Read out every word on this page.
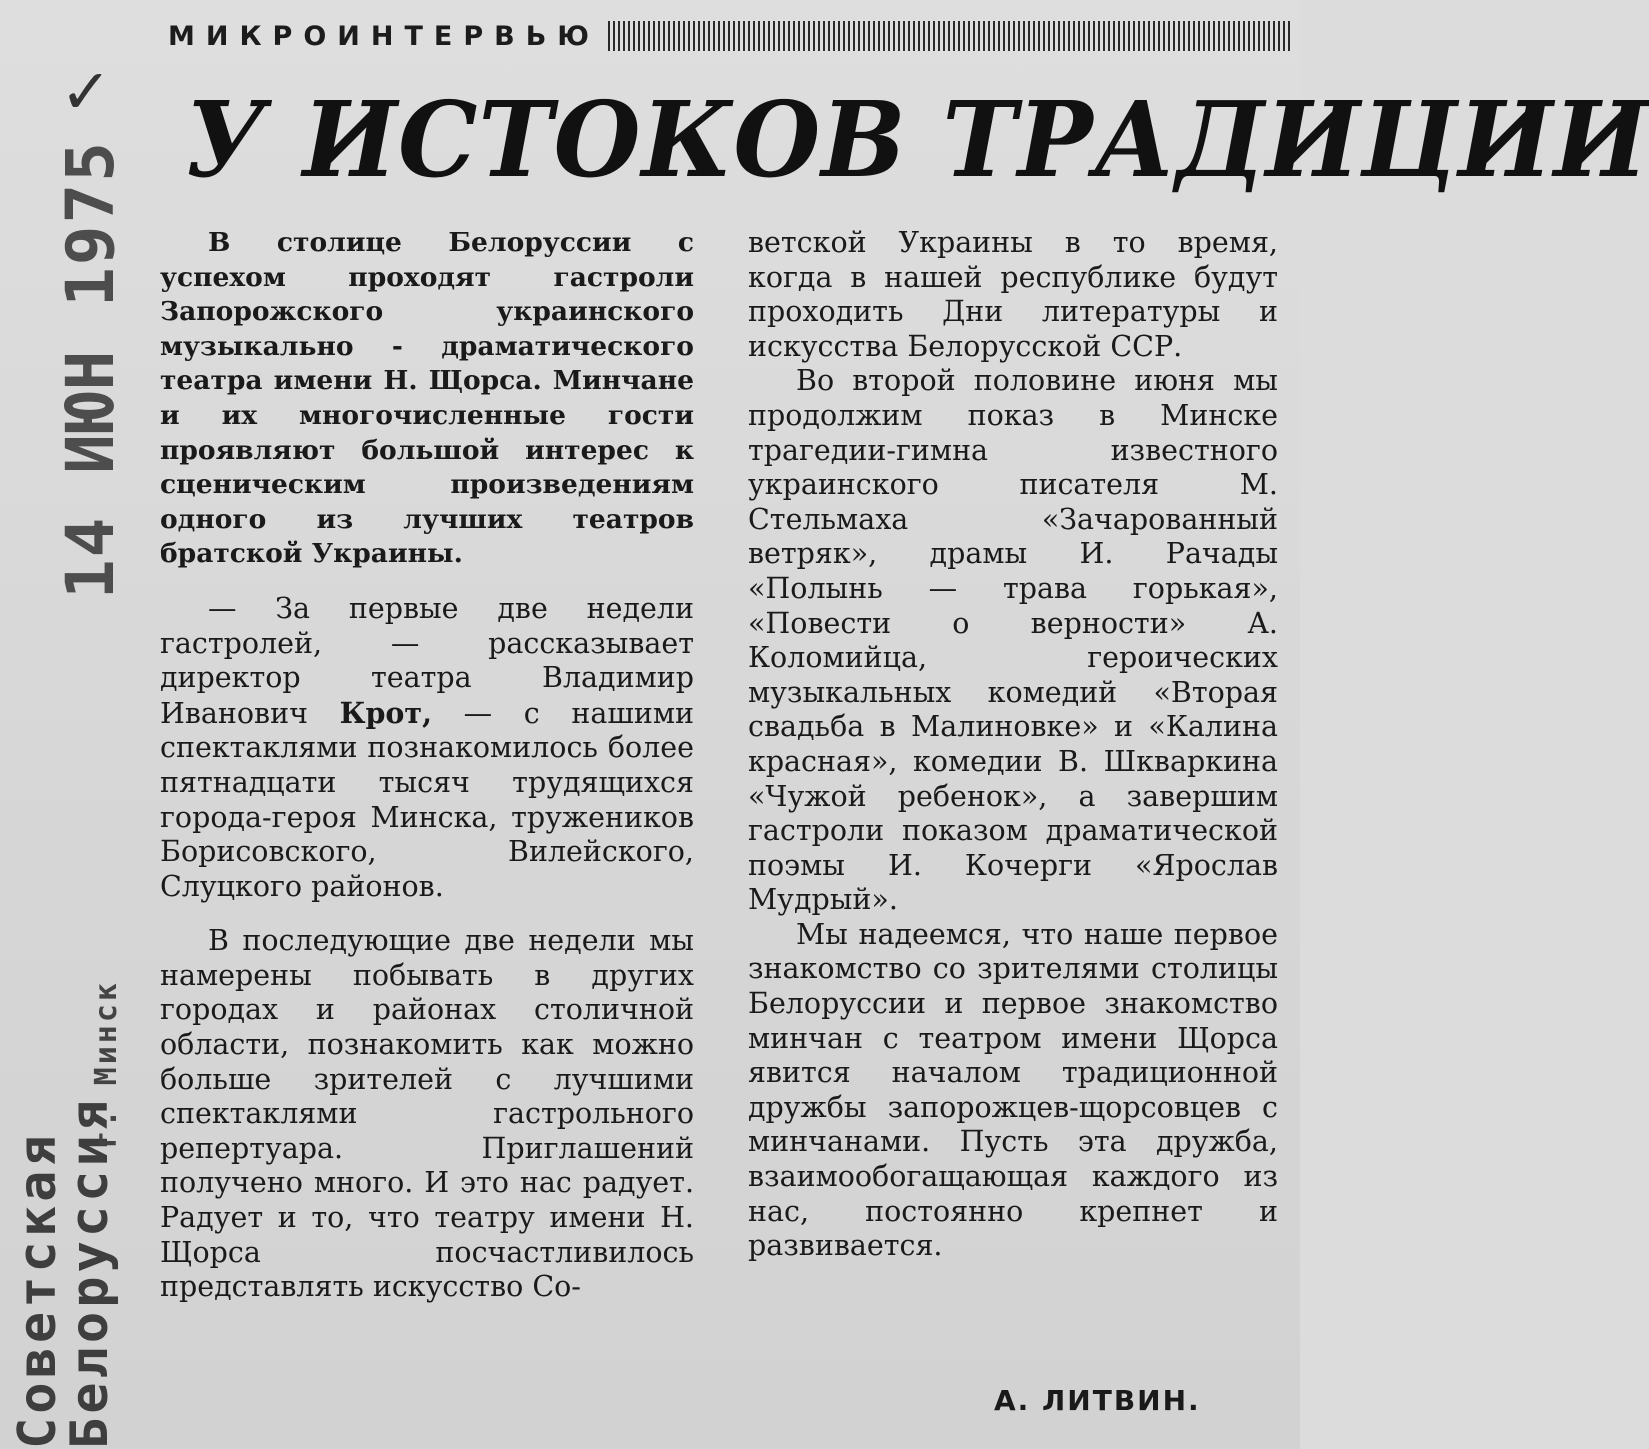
✓
14 ИЮН 1975
Советская Белоруссия
г. Минск
МИКРОИНТЕРВЬЮ
У ИСТОКОВ ТРАДИЦИИ

В столице Белоруссии с успехом проходят гастроли Запорожского украинского музыкально - драматического театра имени Н. Щорса. Минчане и их многочисленные гости проявляют большой интерес к сценическим произведениям одного из лучших театров братской Украины.

— За первые две недели гастролей, — рассказывает директор театра Владимир Иванович Крот, — с нашими спектаклями познакомилось более пятнадцати тысяч трудящихся города-героя Минска, тружеников Борисовского, Вилейского, Слуцкого районов.

В последующие две недели мы намерены побывать в других городах и районах столичной области, познакомить как можно больше зрителей с лучшими спектаклями гастрольного репертуара. Приглашений получено много. И это нас радует. Радует и то, что театру имени Н. Щорса посчастливилось представлять искусство Со-

ветской Украины в то время, когда в нашей республике будут проходить Дни литературы и искусства Белорусской ССР.

Во второй половине июня мы продолжим показ в Минске трагедии-гимна известного украинского писателя М. Стельмаха «Зачарованный ветряк», драмы И. Рачады «Полынь — трава горькая», «Повести о верности» А. Коломийца, героических музыкальных комедий «Вторая свадьба в Малиновке» и «Калина красная», комедии В. Шкваркина «Чужой ребенок», а завершим гастроли показом драматической поэмы И. Кочерги «Ярослав Мудрый».

Мы надеемся, что наше первое знакомство со зрителями столицы Белоруссии и первое знакомство минчан с театром имени Щорса явится началом традиционной дружбы запорожцев-щорсовцев с минчанами. Пусть эта дружба, взаимообогащающая каждого из нас, постоянно крепнет и развивается.

А. ЛИТВИН.
